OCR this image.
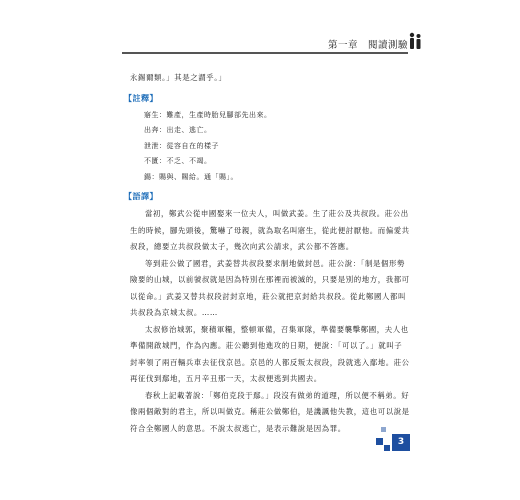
第一章　閱讀測驗

永錫爾類。」其是之謂乎。」

【註釋】

寤生：難產，生產時胎兒腳部先出來。

出奔：出走、逃亡。

泄泄：從容自在的樣子

不匱：不乏、不竭。

錫：賜與、賜給。通「賜」。

【語譯】

當初，鄭武公從申國娶來一位夫人，叫做武姜。生了莊公及共叔段。莊公出生的時候，腳先頭後，驚嚇了母親，就為取名叫寤生，從此便討厭他。而偏愛共叔段，總要立共叔段做太子，幾次向武公請求，武公都不答應。

等到莊公做了國君，武姜替共叔段要求制地做封邑。莊公說：「制是個形勢險要的山城，以前虢叔就是因為特別在那裡而被滅的，只要是別的地方，我都可以從命。」武姜又替共叔段討封京地，莊公就把京封給共叔段。從此鄭國人都叫共叔段為京城太叔。……

太叔修治城郭，聚積軍糧，整頓軍備，召集軍隊，準備要襲擊鄭國，夫人也準備開啟城門，作為內應。莊公聽到他進攻的日期，便說：「可以了。」就叫子封率領了兩百輛兵車去征伐京邑。京邑的人都反叛太叔段，段就逃入鄢地。莊公再征伐到鄢地，五月辛丑那一天，太叔便逃到共國去。

春秋上記載著說：「鄭伯克段于鄢。」段沒有做弟的道理，所以便不稱弟。好像兩個敵對的君主，所以叫做克。稱莊公做鄭伯，是譏諷他失教，這也可以說是符合全鄭國人的意思。不說太叔逃亡，是表示難說是因為罪。

3
